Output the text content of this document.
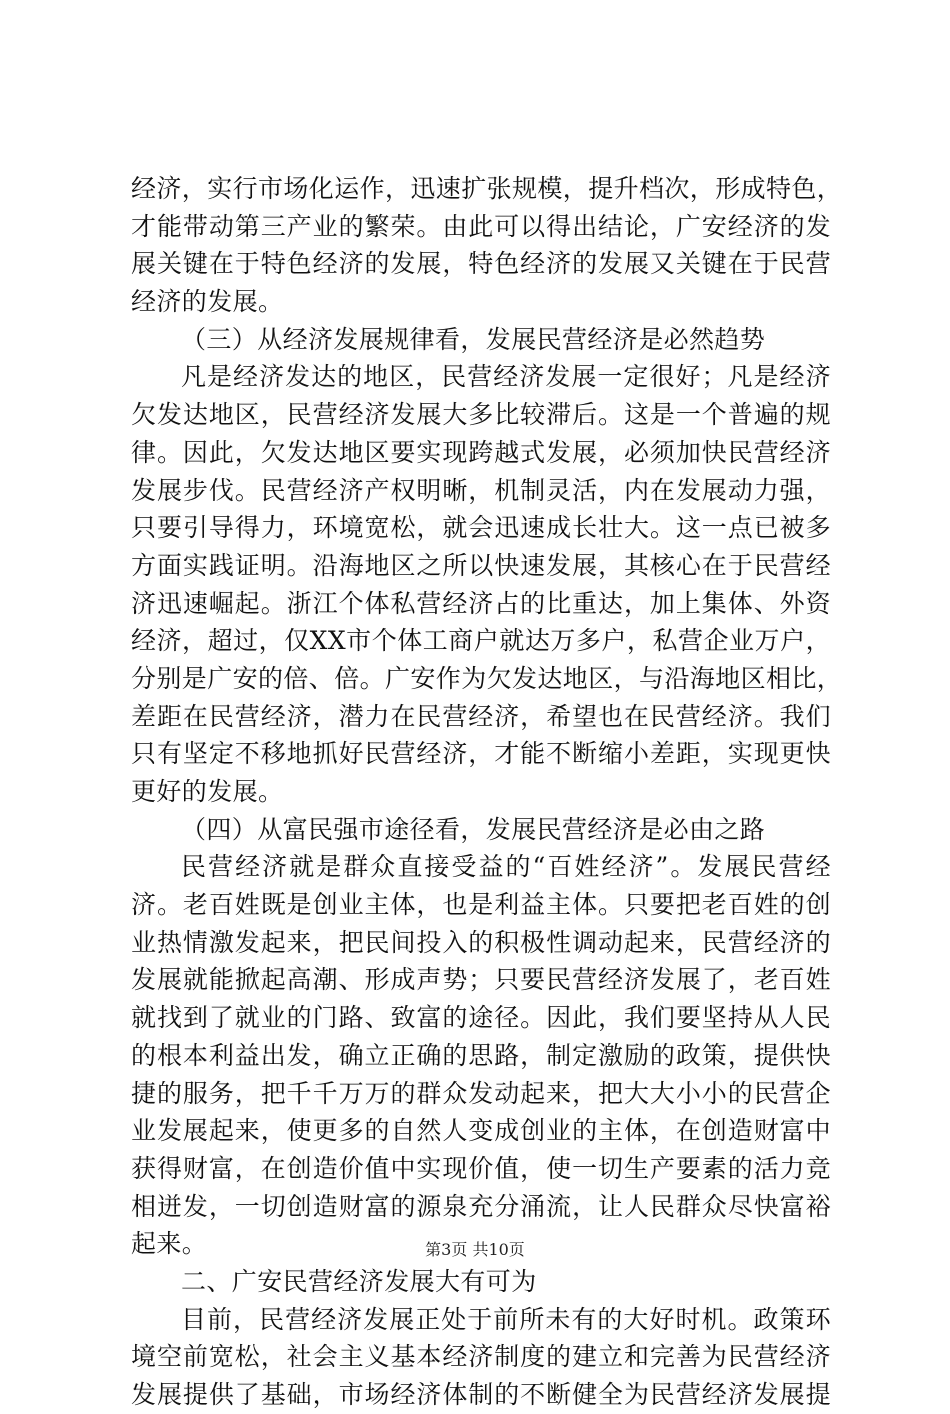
经济，实行市场化运作，迅速扩张规模，提升档次，形成特色，
才能带动第三产业的繁荣。由此可以得出结论，广安经济的发
展关键在于特色经济的发展，特色经济的发展又关键在于民营
经济的发展。
（三）从经济发展规律看，发展民营经济是必然趋势
凡是经济发达的地区，民营经济发展一定很好；凡是经济
欠发达地区，民营经济发展大多比较滞后。这是一个普遍的规
律。因此，欠发达地区要实现跨越式发展，必须加快民营经济
发展步伐。民营经济产权明晰，机制灵活，内在发展动力强，
只要引导得力，环境宽松，就会迅速成长壮大。这一点已被多
方面实践证明。沿海地区之所以快速发展，其核心在于民营经
济迅速崛起。浙江个体私营经济占的比重达，加上集体、外资
经济，超过，仅XX市个体工商户就达万多户，私营企业万户，
分别是广安的倍、倍。广安作为欠发达地区，与沿海地区相比，
差距在民营经济，潜力在民营经济，希望也在民营经济。我们
只有坚定不移地抓好民营经济，才能不断缩小差距，实现更快
更好的发展。
（四）从富民强市途径看，发展民营经济是必由之路
民营经济就是群众直接受益的“百姓经济”。发展民营经
济。老百姓既是创业主体，也是利益主体。只要把老百姓的创
业热情激发起来，把民间投入的积极性调动起来，民营经济的
发展就能掀起高潮、形成声势；只要民营经济发展了，老百姓
就找到了就业的门路、致富的途径。因此，我们要坚持从人民
的根本利益出发，确立正确的思路，制定激励的政策，提供快
捷的服务，把千千万万的群众发动起来，把大大小小的民营企
业发展起来，使更多的自然人变成创业的主体，在创造财富中
获得财富，在创造价值中实现价值，使一切生产要素的活力竞
相迸发，一切创造财富的源泉充分涌流，让人民群众尽快富裕
起来。
二、广安民营经济发展大有可为
目前，民营经济发展正处于前所未有的大好时机。政策环
境空前宽松，社会主义基本经济制度的建立和完善为民营经济
发展提供了基础，市场经济体制的不断健全为民营经济发展提
第3页 共10页
